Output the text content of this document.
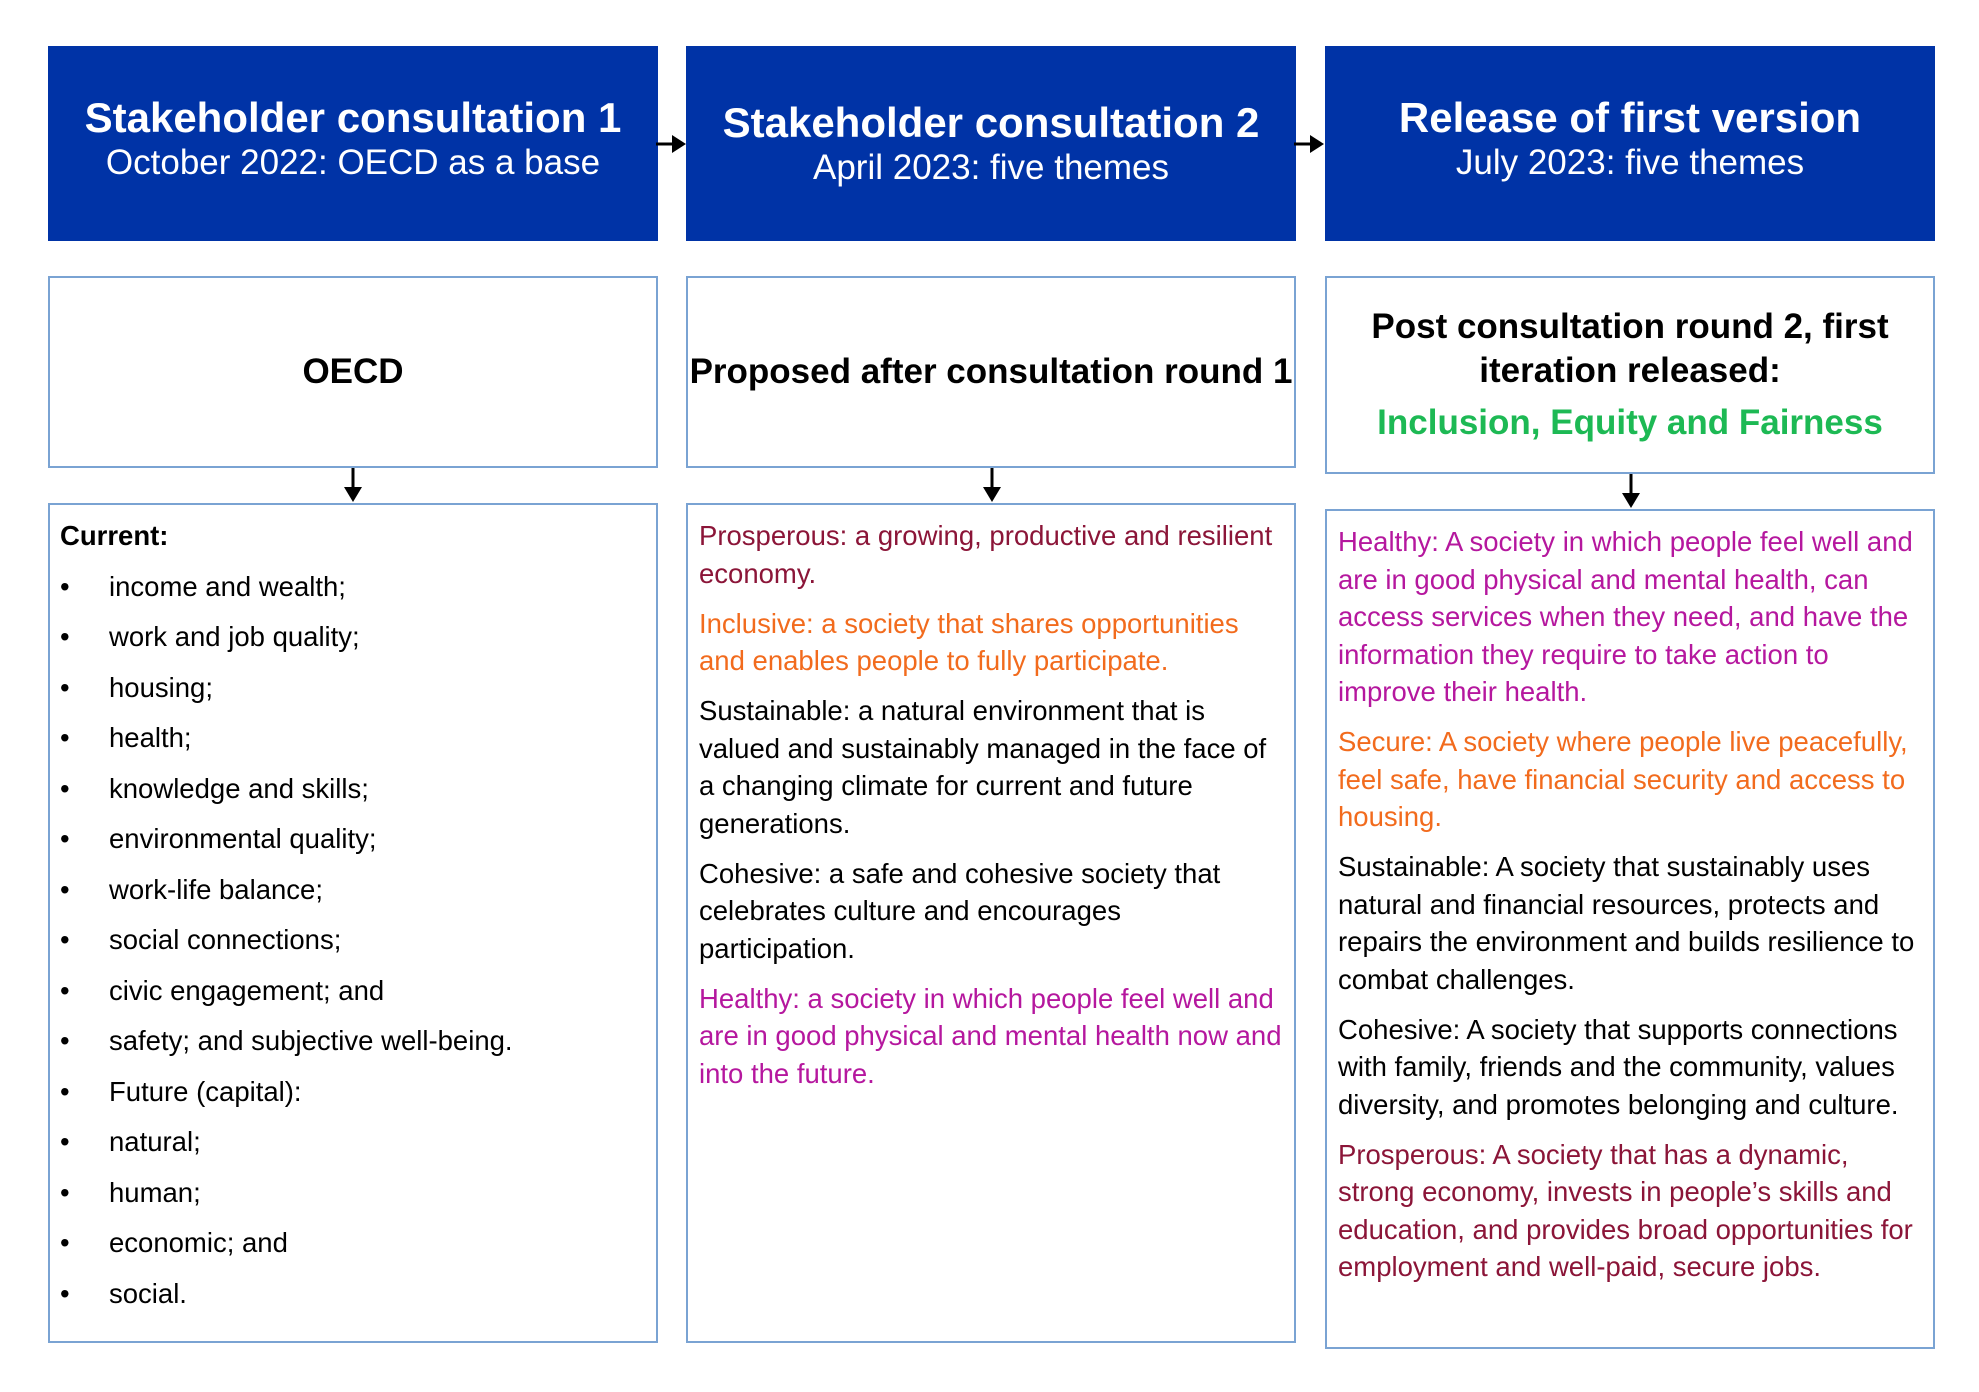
Stakeholder consultation 1
October 2022: OECD as a base
Stakeholder consultation 2
April 2023: five themes
Release of first version
July 2023: five themes
OECD	Proposed after consultation round 1
Post consultation round 2, first iteration released:
Inclusion, Equity and Fairness
Current:
• income and wealth;
• work and job quality;
• housing;
• health;
• knowledge and skills;
• environmental quality;
• work-life balance;
• social connections;
• civic engagement; and
• safety; and subjective well-being.
• Future (capital):
• natural;
• human;
• economic; and
• social.

Prosperous: a growing, productive and resilient economy.

Inclusive: a society that shares opportunities and enables people to fully participate.

Sustainable: a natural environment that is valued and sustainably managed in the face of a changing climate for current and future generations.

Cohesive: a safe and cohesive society that celebrates culture and encourages participation.

Healthy: a society in which people feel well and are in good physical and mental health now and into the future.

Healthy: A society in which people feel well and are in good physical and mental health, can access services when they need, and have the information they require to take action to improve their health.

Secure: A society where people live peacefully, feel safe, have financial security and access to housing.

Sustainable: A society that sustainably uses natural and financial resources, protects and repairs the environment and builds resilience to combat challenges.

Cohesive: A society that supports connections with family, friends and the community, values diversity, and promotes belonging and culture.

Prosperous: A society that has a dynamic, strong economy, invests in people’s skills and education, and provides broad opportunities for employment and well-paid, secure jobs.
